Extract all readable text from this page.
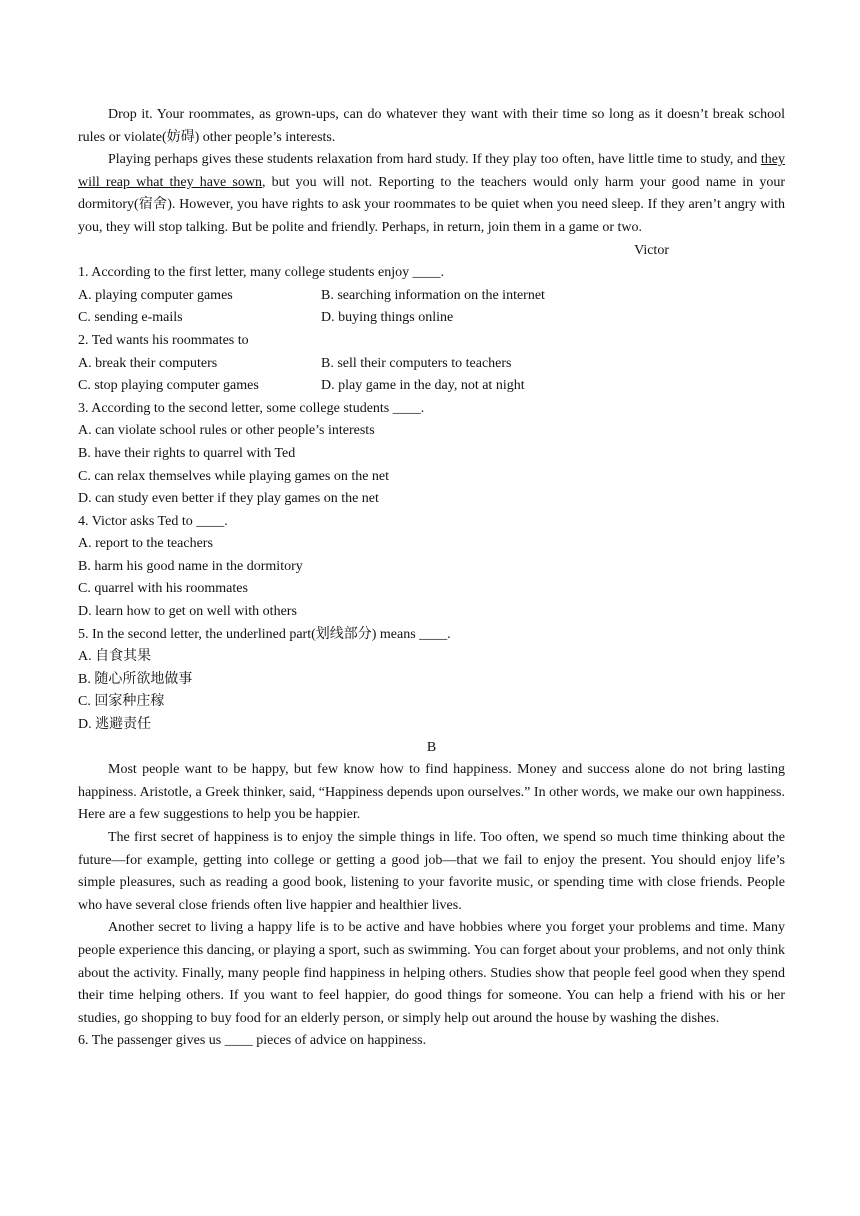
Drop it. Your roommates, as grown-ups, can do whatever they want with their time so long as it doesn’t break school rules or violate(妨碍) other people’s interests.

Playing perhaps gives these students relaxation from hard study. If they play too often, have little time to study, and they will reap what they have sown, but you will not. Reporting to the teachers would only harm your good name in your dormitory(宿舍). However, you have rights to ask your roommates to be quiet when you need sleep. If they aren’t angry with you, they will stop talking. But be polite and friendly. Perhaps, in return, join them in a game or two.

Victor

1. According to the first letter, many college students enjoy ____.

A. playing computer games	B. searching information on the internet
C. sending e-mails	D. buying things online

2. Ted wants his roommates to

A. break their computers	B. sell their computers to teachers
C. stop playing computer games	D. play game in the day, not at night

3. According to the second letter, some college students ____.

A. can violate school rules or other people’s interests

B. have their rights to quarrel with Ted

C. can relax themselves while playing games on the net

D. can study even better if they play games on the net

4. Victor asks Ted to ____.

A. report to the teachers

B. harm his good name in the dormitory

C. quarrel with his roommates

D. learn how to get on well with others

5. In the second letter, the underlined part(划线部分) means ____.

A. 自食其果

B. 随心所欲地做事

C. 回家种庄稼

D. 逃避责任

B

Most people want to be happy, but few know how to find happiness. Money and success alone do not bring lasting happiness. Aristotle, a Greek thinker, said, “Happiness depends upon ourselves.” In other words, we make our own happiness. Here are a few suggestions to help you be happier.

The first secret of happiness is to enjoy the simple things in life. Too often, we spend so much time thinking about the future—for example, getting into college or getting a good job—that we fail to enjoy the present. You should enjoy life’s simple pleasures, such as reading a good book, listening to your favorite music, or spending time with close friends. People who have several close friends often live happier and healthier lives.

Another secret to living a happy life is to be active and have hobbies where you forget your problems and time. Many people experience this dancing, or playing a sport, such as swimming. You can forget about your problems, and not only think about the activity. Finally, many people find happiness in helping others. Studies show that people feel good when they spend their time helping others. If you want to feel happier, do good things for someone. You can help a friend with his or her studies, go shopping to buy food for an elderly person, or simply help out around the house by washing the dishes.

6. The passenger gives us ____ pieces of advice on happiness.
